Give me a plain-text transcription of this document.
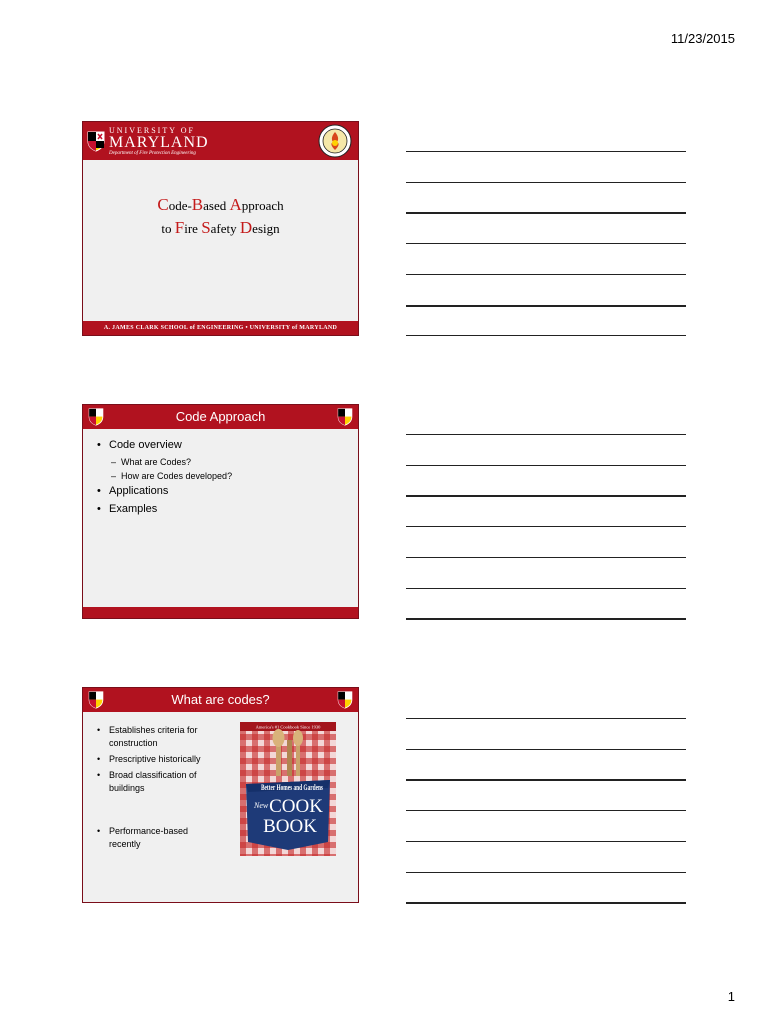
11/23/2015
UNIVERSITY OF
MARYLAND
Department of Fire Protection Engineering
Code-Based Approach
to Fire Safety Design
A. JAMES CLARK SCHOOL of ENGINEERING • UNIVERSITY of MARYLAND
Code Approach
• Code overview
– What are Codes?
– How are Codes developed?
• Applications
• Examples
What are codes?
• Establishes criteria for construction
• Prescriptive historically
• Broad classification of buildings
• Performance-based recently
America's #1 Cookbook Since 1930
Better Homes and Gardens
New COOK
BOOK
1
